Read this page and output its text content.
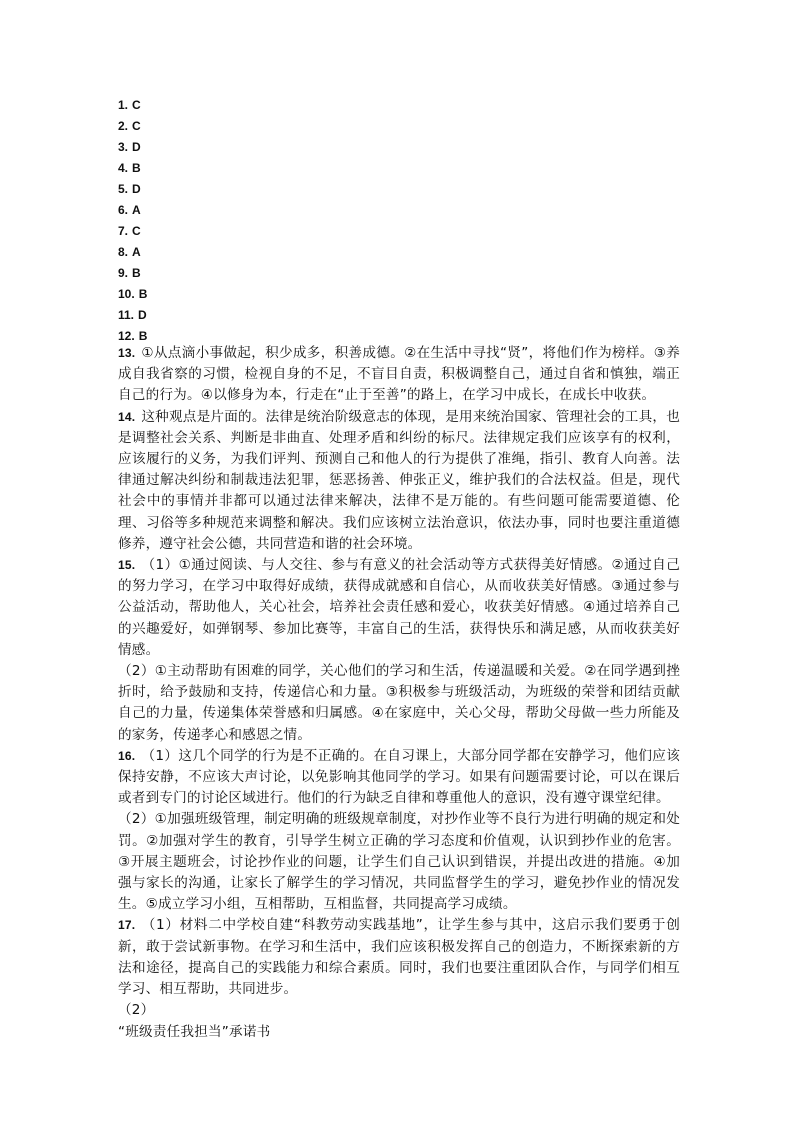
1. C
2. C
3. D
4. B
5. D
6. A
7. C
8. A
9. B
10. B
11. D
12. B
13. ①从点滴小事做起，积少成多，积善成德。②在生活中寻找“贤”，将他们作为榜样。③养成自我省察的习惯，检视自身的不足，不盲目自责，积极调整自己，通过自省和慎独，端正自己的行为。④以修身为本，行走在“止于至善”的路上，在学习中成长，在成长中收获。
14. 这种观点是片面的。法律是统治阶级意志的体现，是用来统治国家、管理社会的工具，也是调整社会关系、判断是非曲直、处理矛盾和纠纷的标尺。法律规定我们应该享有的权利，应该履行的义务，为我们评判、预测自己和他人的行为提供了准绳，指引、教育人向善。法律通过解决纠纷和制裁违法犯罪，惩恶扬善、伸张正义，维护我们的合法权益。但是，现代社会中的事情并非都可以通过法律来解决，法律不是万能的。有些问题可能需要道德、伦理、习俗等多种规范来调整和解决。我们应该树立法治意识，依法办事，同时也要注重道德修养，遵守社会公德，共同营造和谐的社会环境。
15. （1）①通过阅读、与人交往、参与有意义的社会活动等方式获得美好情感。②通过自己的努力学习，在学习中取得好成绩，获得成就感和自信心，从而收获美好情感。③通过参与公益活动，帮助他人，关心社会，培养社会责任感和爱心，收获美好情感。④通过培养自己的兴趣爱好，如弹钢琴、参加比赛等，丰富自己的生活，获得快乐和满足感，从而收获美好情感。
（2）①主动帮助有困难的同学，关心他们的学习和生活，传递温暖和关爱。②在同学遇到挫折时，给予鼓励和支持，传递信心和力量。③积极参与班级活动，为班级的荣誉和团结贡献自己的力量，传递集体荣誉感和归属感。④在家庭中，关心父母，帮助父母做一些力所能及的家务，传递孝心和感恩之情。
16. （1）这几个同学的行为是不正确的。在自习课上，大部分同学都在安静学习，他们应该保持安静，不应该大声讨论，以免影响其他同学的学习。如果有问题需要讨论，可以在课后或者到专门的讨论区域进行。他们的行为缺乏自律和尊重他人的意识，没有遵守课堂纪律。
（2）①加强班级管理，制定明确的班级规章制度，对抄作业等不良行为进行明确的规定和处罚。②加强对学生的教育，引导学生树立正确的学习态度和价值观，认识到抄作业的危害。③开展主题班会，讨论抄作业的问题，让学生们自己认识到错误，并提出改进的措施。④加强与家长的沟通，让家长了解学生的学习情况，共同监督学生的学习，避免抄作业的情况发生。⑤成立学习小组，互相帮助，互相监督，共同提高学习成绩。
17. （1）材料二中学校自建“科教劳动实践基地”，让学生参与其中，这启示我们要勇于创新，敢于尝试新事物。在学习和生活中，我们应该积极发挥自己的创造力，不断探索新的方法和途径，提高自己的实践能力和综合素质。同时，我们也要注重团队合作，与同学们相互学习、相互帮助，共同进步。
（2）
“班级责任我担当”承诺书
